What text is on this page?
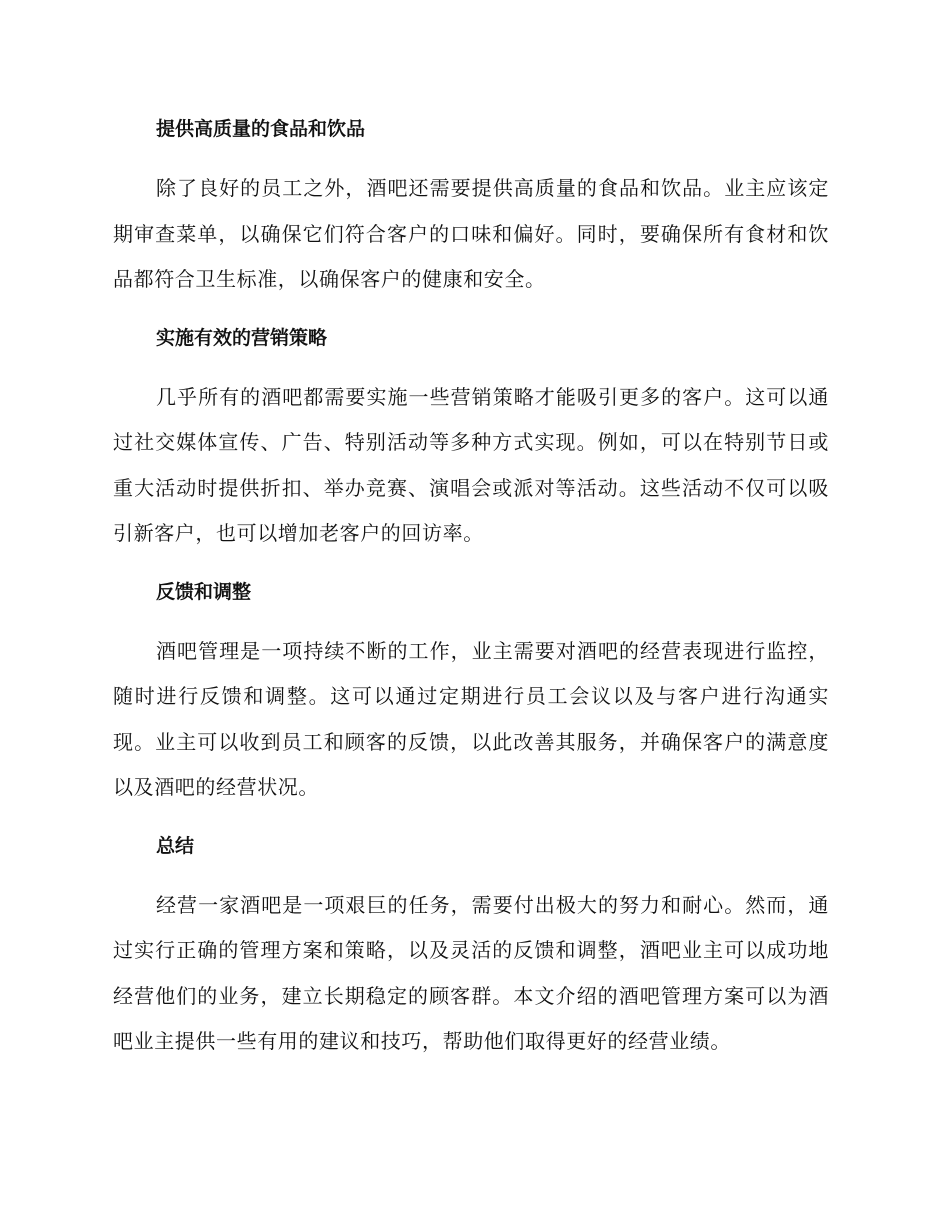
提供高质量的食品和饮品

除了良好的员工之外，酒吧还需要提供高质量的食品和饮品。业主应该定期审查菜单，以确保它们符合客户的口味和偏好。同时，要确保所有食材和饮品都符合卫生标准，以确保客户的健康和安全。

实施有效的营销策略

几乎所有的酒吧都需要实施一些营销策略才能吸引更多的客户。这可以通过社交媒体宣传、广告、特别活动等多种方式实现。例如，可以在特别节日或重大活动时提供折扣、举办竞赛、演唱会或派对等活动。这些活动不仅可以吸引新客户，也可以增加老客户的回访率。

反馈和调整

酒吧管理是一项持续不断的工作，业主需要对酒吧的经营表现进行监控，随时进行反馈和调整。这可以通过定期进行员工会议以及与客户进行沟通实现。业主可以收到员工和顾客的反馈，以此改善其服务，并确保客户的满意度以及酒吧的经营状况。

总结

经营一家酒吧是一项艰巨的任务，需要付出极大的努力和耐心。然而，通过实行正确的管理方案和策略，以及灵活的反馈和调整，酒吧业主可以成功地经营他们的业务，建立长期稳定的顾客群。本文介绍的酒吧管理方案可以为酒吧业主提供一些有用的建议和技巧，帮助他们取得更好的经营业绩。
